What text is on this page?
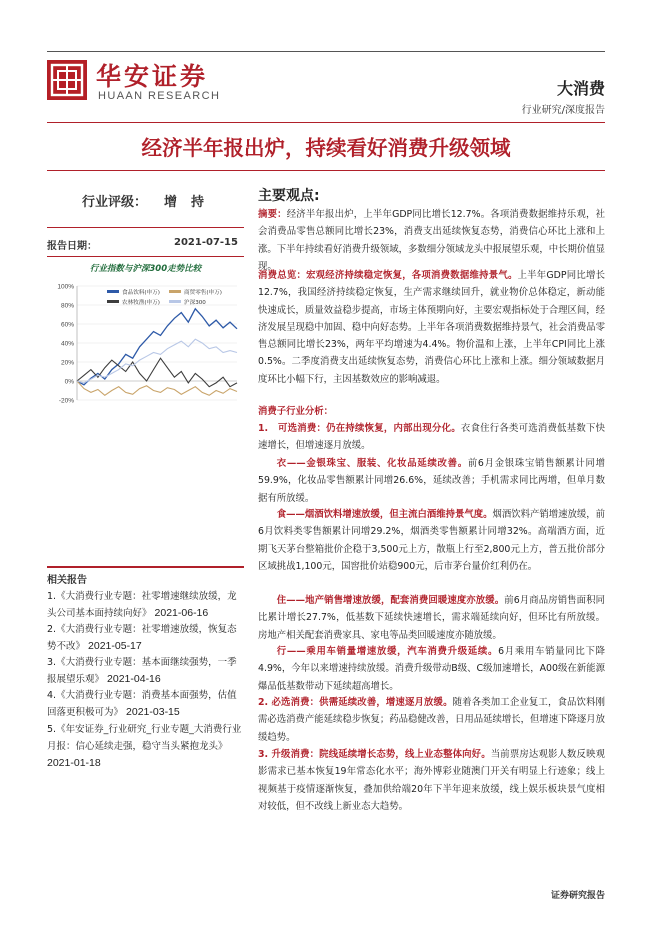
华安证券
HUAAN RESEARCH	大消费
行业研究/深度报告
经济半年报出炉，持续看好消费升级领域
行业评级： 增持
报告日期：	2021-07-15
行业指数与沪深300走势比较
100%
80%
60%
40%
20%
0%
-20%
食品饮料(申万)	商贸零售(申万)
农林牧渔(申万)	沪深300
相关报告
1.《大消费行业专题：社零增速继续放缓，龙头公司基本面持续向好》 2021-06-16
2.《大消费行业专题：社零增速放缓，恢复态势不改》 2021-05-17
3.《大消费行业专题：基本面继续强势，一季报展望乐观》 2021-04-16
4.《大消费行业专题：消费基本面强势，估值回落更积极可为》 2021-03-15
5.《年安证券_行业研究_行业专题_大消费行业月报：信心延续走强，稳守当头紧抱龙头》 2021-01-18
主要观点:
摘要：经济半年报出炉，上半年GDP同比增长12.7%。各项消费数据维持乐观，社会消费品零售总额同比增长23%，消费支出延续恢复态势，消费信心环比上涨和上涨。下半年持续看好消费升级领域，多数细分领域龙头中报展望乐观，中长期价值显现。
消费总览：宏观经济持续稳定恢复，各项消费数据维持景气。上半年GDP同比增长12.7%，我国经济持续稳定恢复，生产需求继续回升，就业物价总体稳定，新动能快速成长，质量效益稳步提高，市场主体预期向好，主要宏观指标处于合理区间，经济发展呈现稳中加固、稳中向好态势。上半年各项消费数据维持景气，社会消费品零售总额同比增长23%，两年平均增速为4.4%。物价温和上涨，上半年CPI同比上涨0.5%。二季度消费支出延续恢复态势，消费信心环比上涨和上涨。细分领域数据月度环比小幅下行，主因基数效应的影响减退。
消费子行业分析：
1.　可选消费：仍在持续恢复，内部出现分化。衣食住行各类可选消费低基数下快速增长，但增速逐月放缓。
衣——金银珠宝、服装、化妆品延续改善。前6月金银珠宝销售额累计同增59.9%，化妆品零售额累计同增26.6%，延续改善；手机需求同比两增，但单月数据有所放缓。
食——烟酒饮料增速放缓，但主流白酒维持景气度。烟酒饮料产销增速放缓，前6月饮料类零售额累计同增29.2%，烟酒类零售额累计同增32%。高端酒方面，近期飞天茅台整箱批价企稳于3,500元上方，散瓶上行至2,800元上方，普五批价部分区域挑战1,100元，国窖批价站稳900元，后市茅台量价红利仍在。
住——地产销售增速放缓，配套消费回暖速度亦放缓。前6月商品房销售面积同比累计增长27.7%，低基数下延续快速增长，需求端延续向好，但环比有所放缓。房地产相关配套消费家具、家电等品类回暖速度亦随放缓。
行——乘用车销量增速放缓，汽车消费升级延续。6月乘用车销量同比下降4.9%，今年以来增速持续放缓。消费升级带动B级、C级加速增长，A00级在新能源爆品低基数带动下延续超高增长。
2. 必选消费：供需延续改善，增速逐月放缓。随着各类加工企业复工，食品饮料刚需必选消费产能延续稳步恢复；药品稳健改善，日用品延续增长，但增速下降逐月放缓趋势。
3. 升级消费：院线延续增长态势，线上业态整体向好。当前票房达观影人数反映观影需求已基本恢复19年常态化水平；海外博彩业随澳门开关有明显上行迹象；线上视频基于疫情逐渐恢复，叠加供给端20年下半年迎来放缓，线上娱乐板块景气度相对较低，但不改线上新业态大趋势。
证券研究报告
